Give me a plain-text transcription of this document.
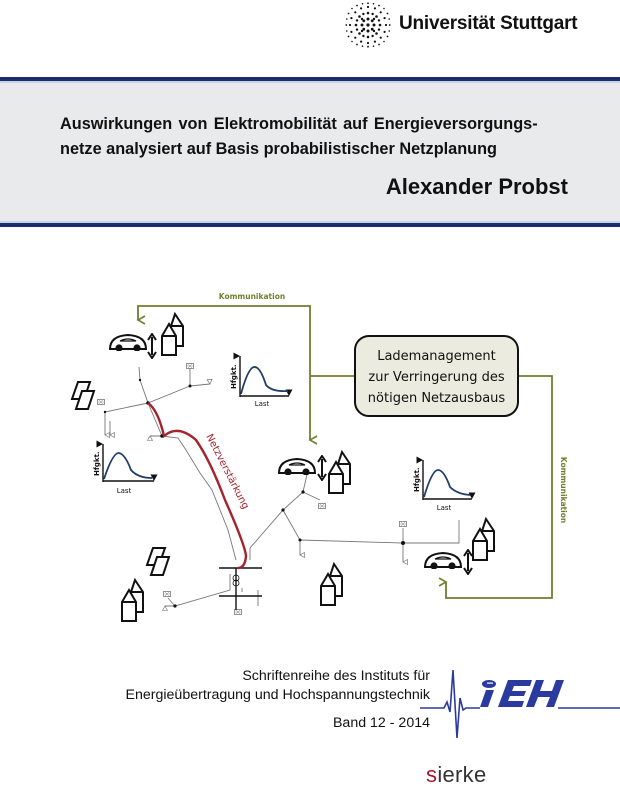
Universität Stuttgart
Auswirkungen von Elektromobilität auf Energieversorgungs-
netze analysiert auf Basis probabilistischer Netzplanung
Alexander Probst
Kommunikation
Kommunikation
Lademanagement
zur Verringerung des
nötigen Netzausbaus
Netzverstärkung
Hfgkt.
Last
Hfgkt.
Last	Hfgkt.
Last
Schriftenreihe des Instituts für
Energieübertragung und Hochspannungstechnik
Band 12 - 2014
iEH
sierke
